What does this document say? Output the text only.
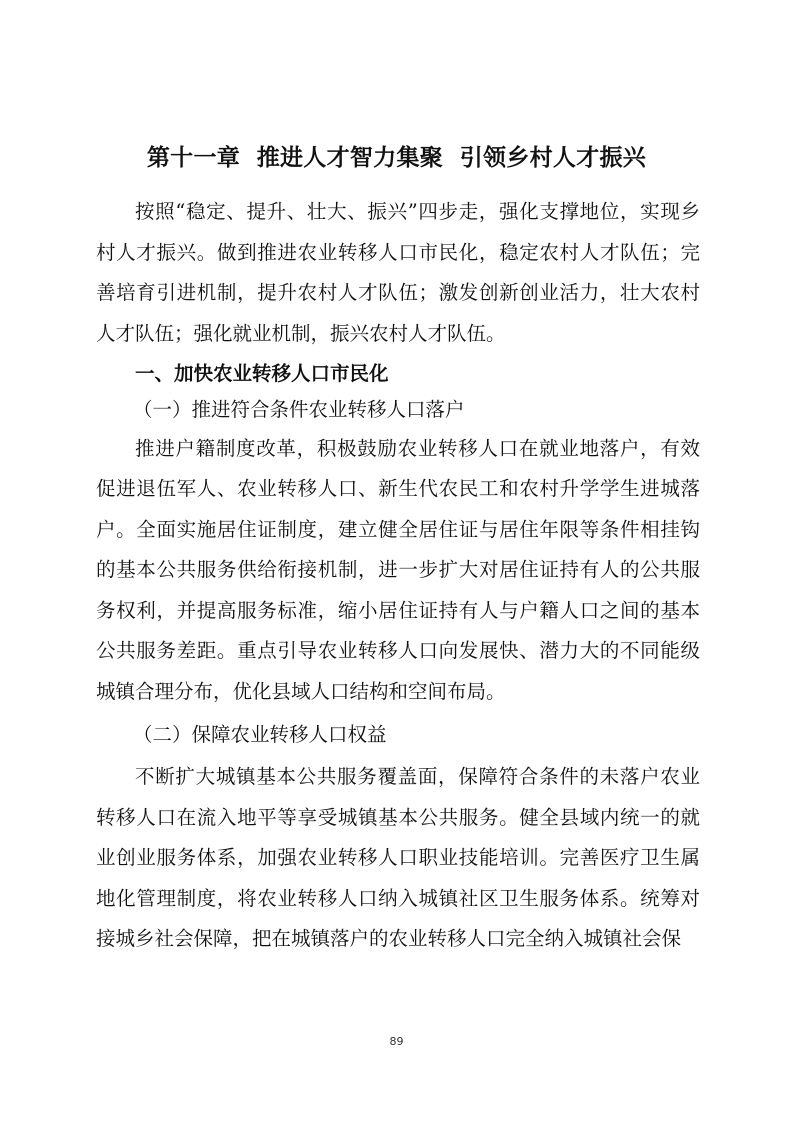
第十一章  推进人才智力集聚  引领乡村人才振兴

按照“稳定、提升、壮大、振兴”四步走，强化支撑地位，实现乡村人才振兴。做到推进农业转移人口市民化，稳定农村人才队伍；完善培育引进机制，提升农村人才队伍；激发创新创业活力，壮大农村人才队伍；强化就业机制，振兴农村人才队伍。

一、加快农业转移人口市民化

（一）推进符合条件农业转移人口落户

推进户籍制度改革，积极鼓励农业转移人口在就业地落户，有效促进退伍军人、农业转移人口、新生代农民工和农村升学学生进城落户。全面实施居住证制度，建立健全居住证与居住年限等条件相挂钩的基本公共服务供给衔接机制，进一步扩大对居住证持有人的公共服务权利，并提高服务标准，缩小居住证持有人与户籍人口之间的基本公共服务差距。重点引导农业转移人口向发展快、潜力大的不同能级城镇合理分布，优化县域人口结构和空间布局。

（二）保障农业转移人口权益

不断扩大城镇基本公共服务覆盖面，保障符合条件的未落户农业转移人口在流入地平等享受城镇基本公共服务。健全县域内统一的就业创业服务体系，加强农业转移人口职业技能培训。完善医疗卫生属地化管理制度，将农业转移人口纳入城镇社区卫生服务体系。统筹对接城乡社会保障，把在城镇落户的农业转移人口完全纳入城镇社会保

89
